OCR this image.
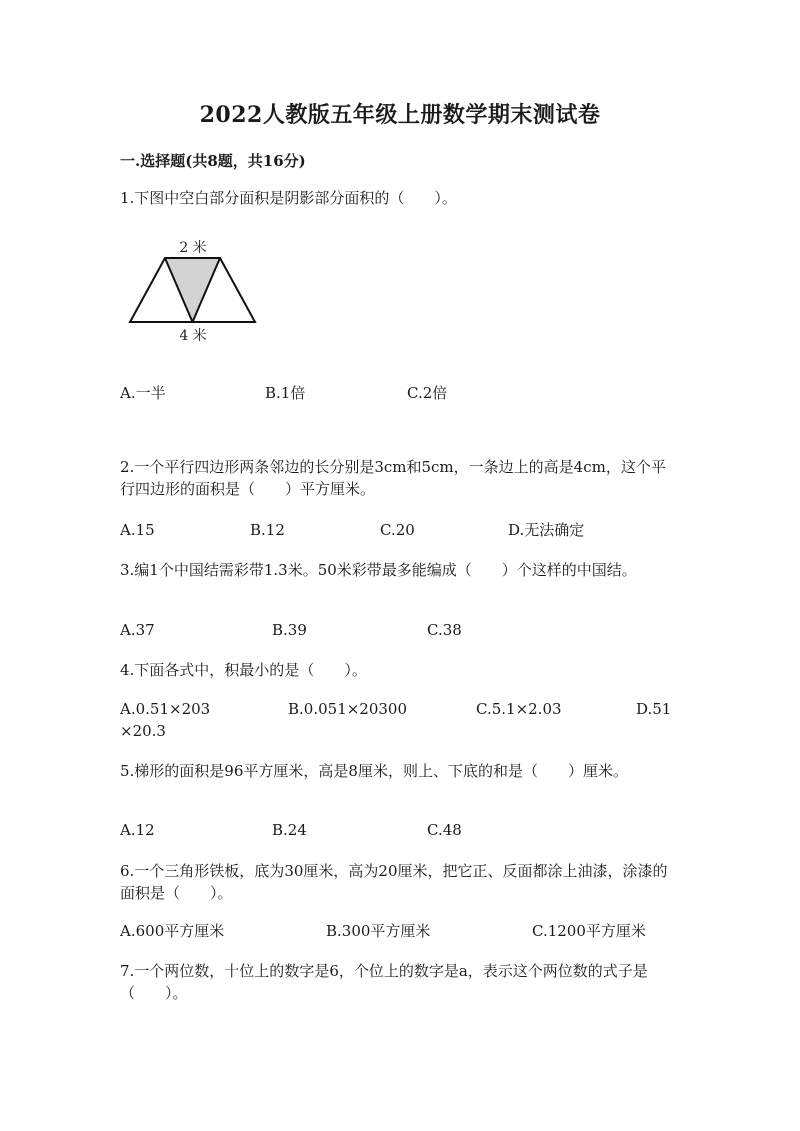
2022人教版五年级上册数学期末测试卷
一.选择题(共8题，共16分)
1.下图中空白部分面积是阴影部分面积的（　　）。
2 米
4 米
A.一半	B.1倍	C.2倍
2.一个平行四边形两条邻边的长分别是3cm和5cm，一条边上的高是4cm，这个平行四边形的面积是（　　）平方厘米。
A.15	B.12	C.20	D.无法确定
3.编1个中国结需彩带1.3米。50米彩带最多能编成（　　）个这样的中国结。
A.37	B.39	C.38
4.下面各式中，积最小的是（　　）。
A.0.51×203	B.0.051×20300	C.5.1×2.03	D.51
×20.3
5.梯形的面积是96平方厘米，高是8厘米，则上、下底的和是（　　）厘米。
A.12	B.24	C.48
6.一个三角形铁板，底为30厘米，高为20厘米，把它正、反面都涂上油漆，涂漆的面积是（　　）。
A.600平方厘米	B.300平方厘米	C.1200平方厘米
7.一个两位数，十位上的数字是6，个位上的数字是a，表示这个两位数的式子是（　　）。
